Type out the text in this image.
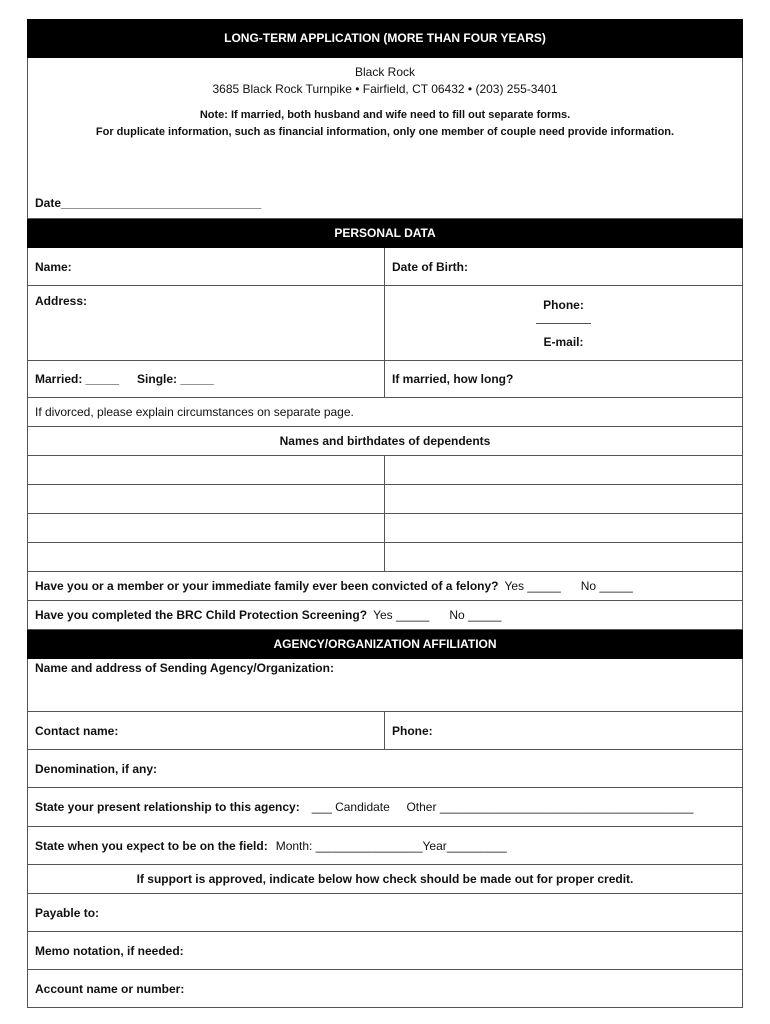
LONG-TERM APPLICATION (MORE THAN FOUR YEARS)
Black Rock
3685 Black Rock Turnpike • Fairfield, CT 06432 • (203) 255-3401
Note: If married, both husband and wife need to fill out separate forms.
For duplicate information, such as financial information, only one member of couple need provide information.
Date______________________________
PERSONAL DATA
Name:	Date of Birth:
Address:	Phone:
E-mail:
Married: _____ Single: _____	If married, how long?
If divorced, please explain circumstances on separate page.
Names and birthdates of dependents
Have you or a member or your immediate family ever been convicted of a felony? Yes _____      No _____
Have you completed the BRC Child Protection Screening? Yes _____      No _____
AGENCY/ORGANIZATION AFFILIATION
Name and address of Sending Agency/Organization:
Contact name:	Phone:
Denomination, if any:
State your present relationship to this agency: ___ Candidate     Other ______________________________________
State when you expect to be on the field: Month: ________________Year_________
If support is approved, indicate below how check should be made out for proper credit.
Payable to:
Memo notation, if needed:
Account name or number:
